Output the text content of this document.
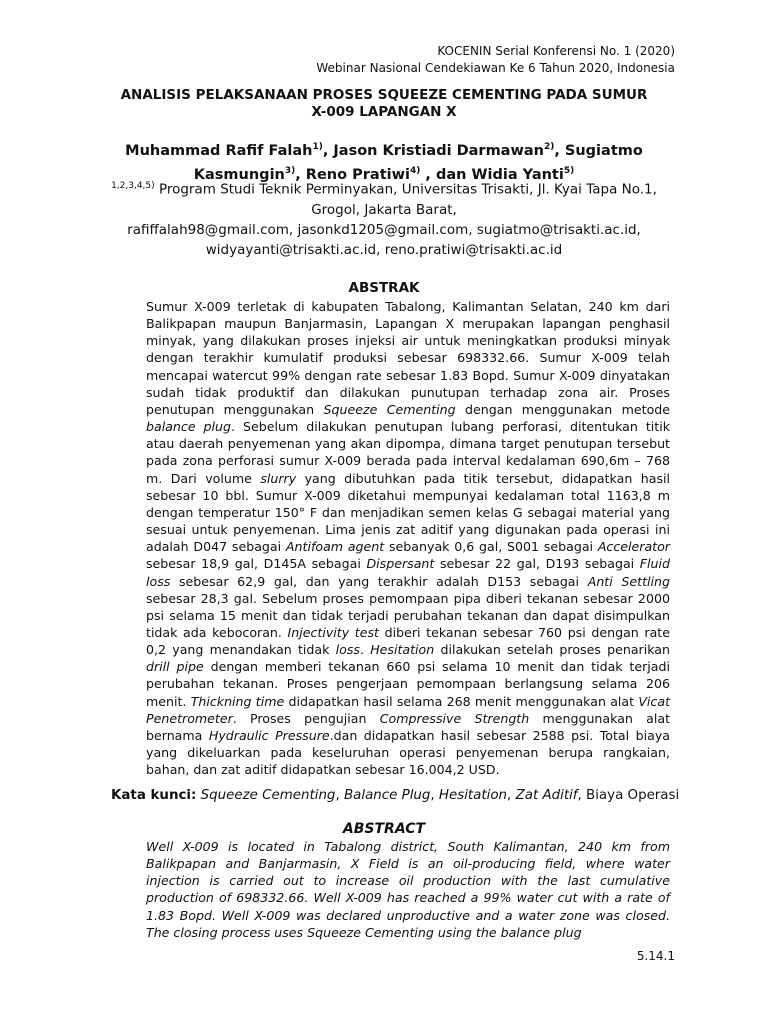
KOCENIN Serial Konferensi No. 1 (2020)
Webinar Nasional Cendekiawan Ke 6 Tahun 2020, Indonesia
ANALISIS PELAKSANAAN PROSES SQUEEZE CEMENTING PADA SUMUR
X-009 LAPANGAN X
Muhammad Rafif Falah$^{1)}$, Jason Kristiadi Darmawan$^{2)}$, Sugiatmo Kasmungin$^{3)}$, Reno Pratiwi$^{4)}$ , dan Widia Yanti$^{5)}$
$^{1,2,3,4,5)}$ Program Studi Teknik Perminyakan, Universitas Trisakti, Jl. Kyai Tapa No.1,
Grogol, Jakarta Barat,
rafiffalah98@gmail.com, jasonkd1205@gmail.com, sugiatmo@trisakti.ac.id,
widyayanti@trisakti.ac.id, reno.pratiwi@trisakti.ac.id
ABSTRAK
Sumur X-009 terletak di kabupaten Tabalong, Kalimantan Selatan, 240 km dari Balikpapan maupun Banjarmasin, Lapangan X merupakan lapangan penghasil minyak, yang dilakukan proses injeksi air untuk meningkatkan produksi minyak dengan terakhir kumulatif produksi sebesar 698332.66. Sumur X-009 telah mencapai watercut 99% dengan rate sebesar 1.83 Bopd. Sumur X-009 dinyatakan sudah tidak produktif dan dilakukan punutupan terhadap zona air. Proses penutupan menggunakan Squeeze Cementing dengan menggunakan metode balance plug. Sebelum dilakukan penutupan lubang perforasi, ditentukan titik atau daerah penyemenan yang akan dipompa, dimana target penutupan tersebut pada zona perforasi sumur X-009 berada pada interval kedalaman 690,6m – 768 m. Dari volume slurry yang dibutuhkan pada titik tersebut, didapatkan hasil sebesar 10 bbl. Sumur X-009 diketahui mempunyai kedalaman total 1163,8 m dengan temperatur 150° F dan menjadikan semen kelas G sebagai material yang sesuai untuk penyemenan. Lima jenis zat aditif yang digunakan pada operasi ini adalah D047 sebagai Antifoam agent sebanyak 0,6 gal, S001 sebagai Accelerator sebesar 18,9 gal, D145A sebagai Dispersant sebesar 22 gal, D193 sebagai Fluid loss sebesar 62,9 gal, dan yang terakhir adalah D153 sebagai Anti Settling sebesar 28,3 gal. Sebelum proses pemompaan pipa diberi tekanan sebesar 2000 psi selama 15 menit dan tidak terjadi perubahan tekanan dan dapat disimpulkan tidak ada kebocoran. Injectivity test diberi tekanan sebesar 760 psi dengan rate 0,2 yang menandakan tidak loss. Hesitation dilakukan setelah proses penarikan drill pipe dengan memberi tekanan 660 psi selama 10 menit dan tidak terjadi perubahan tekanan. Proses pengerjaan pemompaan berlangsung selama 206 menit. Thickning time didapatkan hasil selama 268 menit menggunakan alat Vicat Penetrometer. Proses pengujian Compressive Strength menggunakan alat bernama Hydraulic Pressure.dan didapatkan hasil sebesar 2588 psi. Total biaya yang dikeluarkan pada keseluruhan operasi penyemenan berupa rangkaian, bahan, dan zat aditif didapatkan sebesar 16.004,2 USD.
Kata kunci: Squeeze Cementing, Balance Plug, Hesitation, Zat Aditif, Biaya Operasi
ABSTRACT
Well X-009 is located in Tabalong district, South Kalimantan, 240 km from Balikpapan and Banjarmasin, X Field is an oil-producing field, where water injection is carried out to increase oil production with the last cumulative production of 698332.66. Well X-009 has reached a 99% water cut with a rate of 1.83 Bopd. Well X-009 was declared unproductive and a water zone was closed. The closing process uses Squeeze Cementing using the balance plug
5.14.1
